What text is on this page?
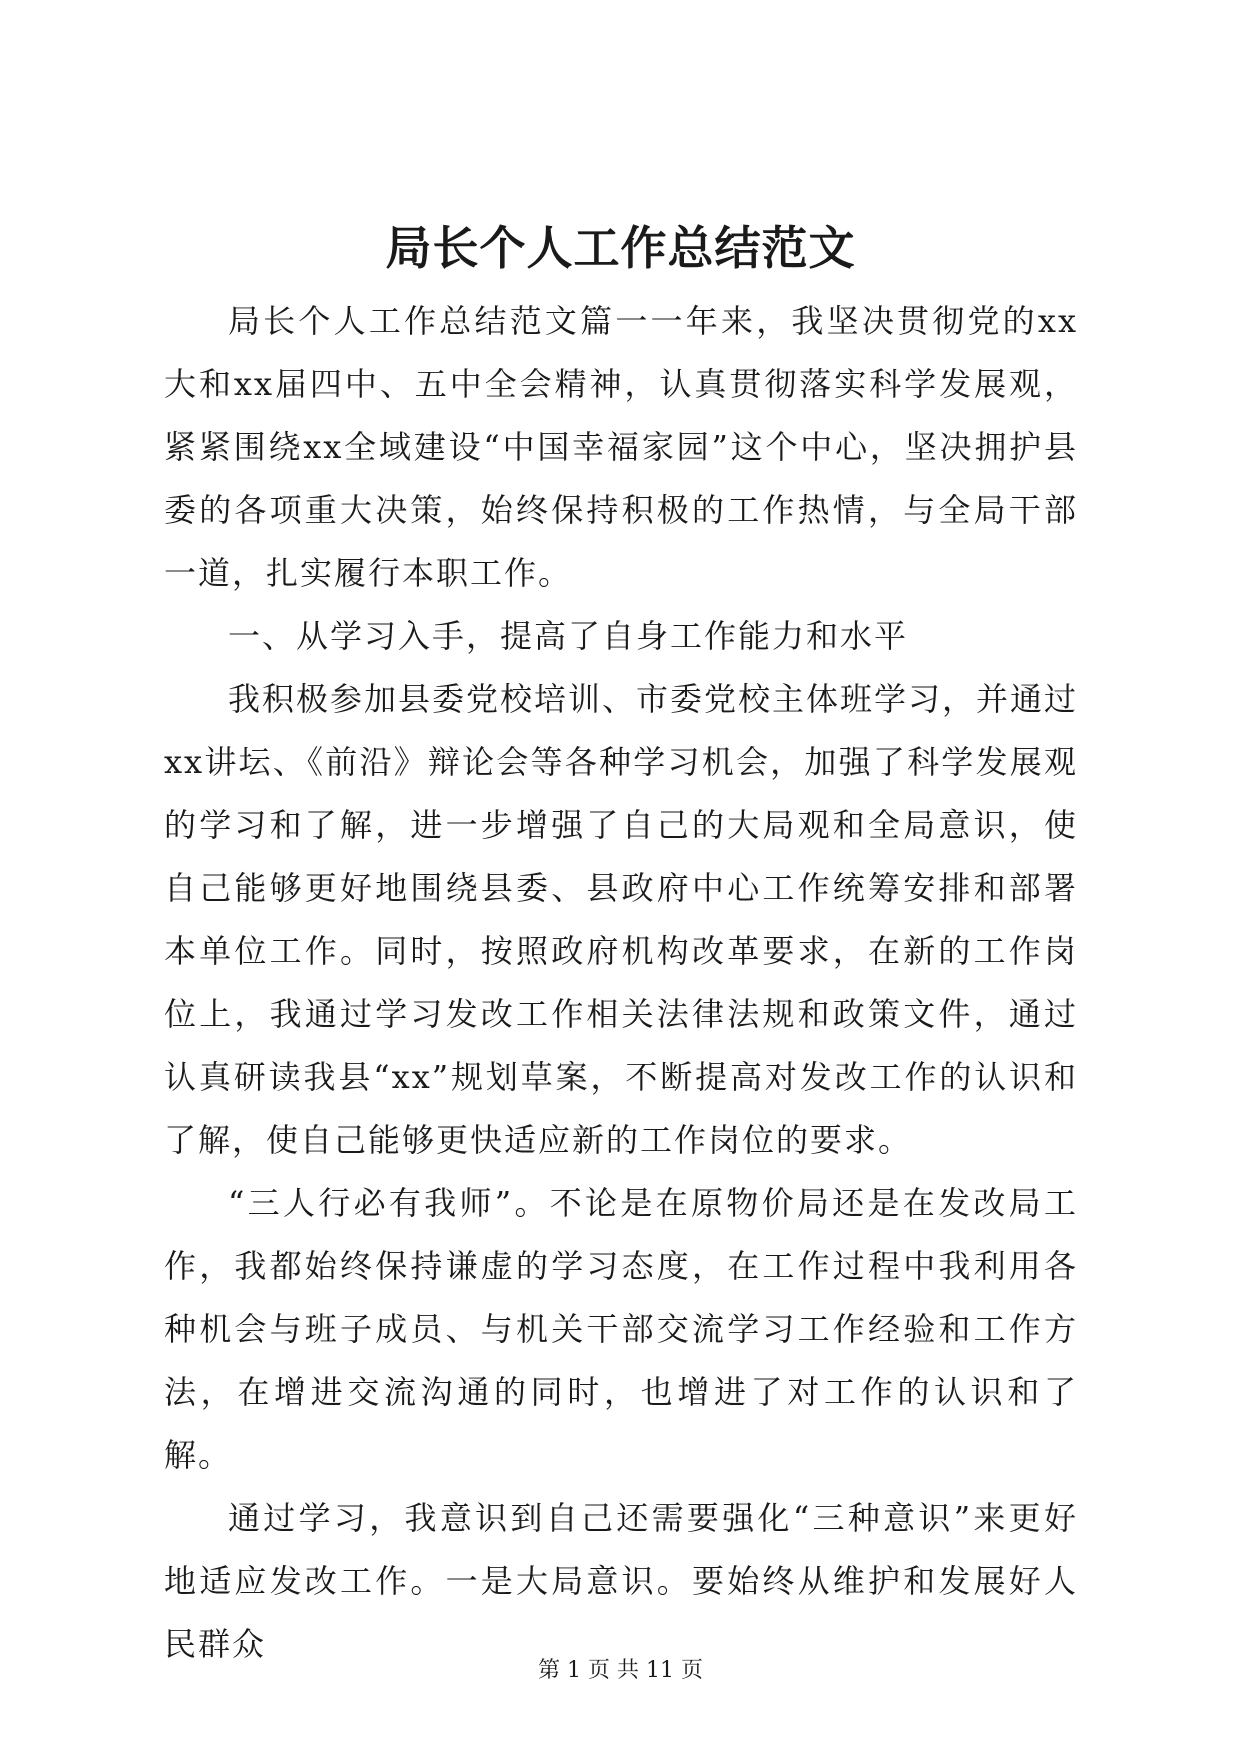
局长个人工作总结范文

局长个人工作总结范文篇一一年来，我坚决贯彻党的xx大和xx届四中、五中全会精神，认真贯彻落实科学发展观，紧紧围绕xx全域建设“中国幸福家园”这个中心，坚决拥护县委的各项重大决策，始终保持积极的工作热情，与全局干部一道，扎实履行本职工作。

一、从学习入手，提高了自身工作能力和水平

我积极参加县委党校培训、市委党校主体班学习，并通过xx讲坛、《前沿》辩论会等各种学习机会，加强了科学发展观的学习和了解，进一步增强了自己的大局观和全局意识，使自己能够更好地围绕县委、县政府中心工作统筹安排和部署本单位工作。同时，按照政府机构改革要求，在新的工作岗位上，我通过学习发改工作相关法律法规和政策文件，通过认真研读我县“xx”规划草案，不断提高对发改工作的认识和了解，使自己能够更快适应新的工作岗位的要求。

“三人行必有我师”。不论是在原物价局还是在发改局工作，我都始终保持谦虚的学习态度，在工作过程中我利用各种机会与班子成员、与机关干部交流学习工作经验和工作方法，在增进交流沟通的同时，也增进了对工作的认识和了解。

通过学习，我意识到自己还需要强化“三种意识”来更好地适应发改工作。一是大局意识。要始终从维护和发展好人民群众

第 1 页 共 11 页
